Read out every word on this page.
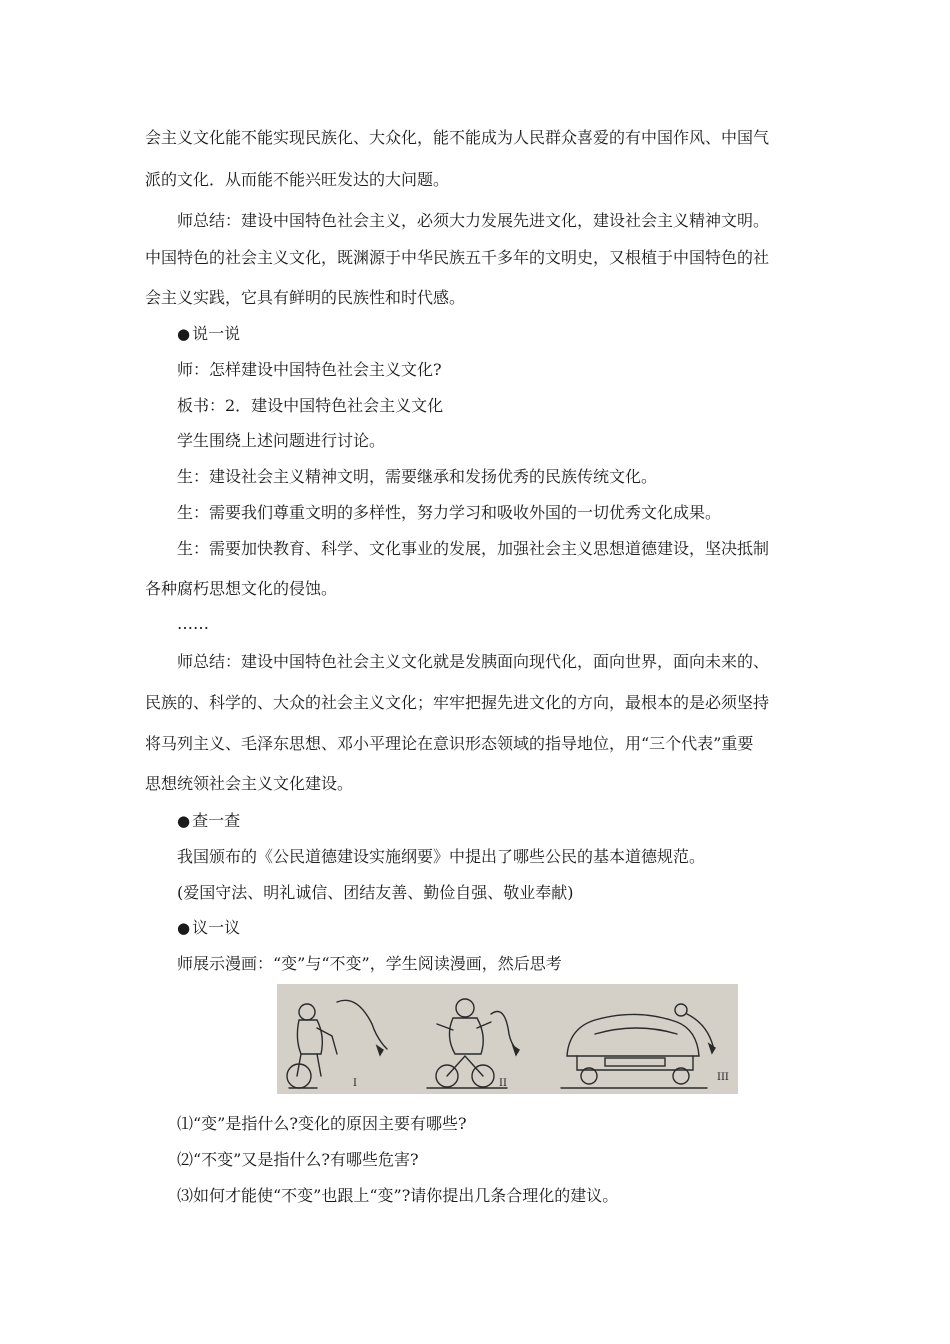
会主义文化能不能实现民族化、大众化，能不能成为人民群众喜爱的有中国作风、中国气
派的文化．从而能不能兴旺发达的大问题。
师总结：建设中国特色社会主义，必须大力发展先进文化，建设社会主义精神文明。
中国特色的社会主义文化，既渊源于中华民族五千多年的文明史，又根植于中国特色的社
会主义实践，它具有鲜明的民族性和时代感。
● 说一说
师：怎样建设中国特色社会主义文化?
板书：2．建设中国特色社会主义文化
学生围绕上述问题进行讨论。
生：建设社会主义精神文明，需要继承和发扬优秀的民族传统文化。
生：需要我们尊重文明的多样性，努力学习和吸收外国的一切优秀文化成果。
生：需要加快教育、科学、文化事业的发展，加强社会主义思想道德建设，坚决抵制
各种腐朽思想文化的侵蚀。
……
师总结：建设中国特色社会主义文化就是发胰面向现代化，面向世界，面向未来的、
民族的、科学的、大众的社会主义文化；牢牢把握先进文化的方向，最根本的是必须坚持
将马列主义、毛泽东思想、邓小平理论在意识形态领域的指导地位，用“三个代表”重要
思想统领社会主义文化建设。
● 查一查
我国颁布的《公民道德建设实施纲要》中提出了哪些公民的基本道德规范。
(爱国守法、明礼诚信、团结友善、勤俭自强、敬业奉献)
● 议一议
师展示漫画：“变”与“不变”，学生阅读漫画，然后思考
I	II
III
⑴“变”是指什么?变化的原因主要有哪些?
⑵“不变”又是指什么?有哪些危害?
⑶如何才能使“不变”也跟上“变”?请你提出几条合理化的建议。
